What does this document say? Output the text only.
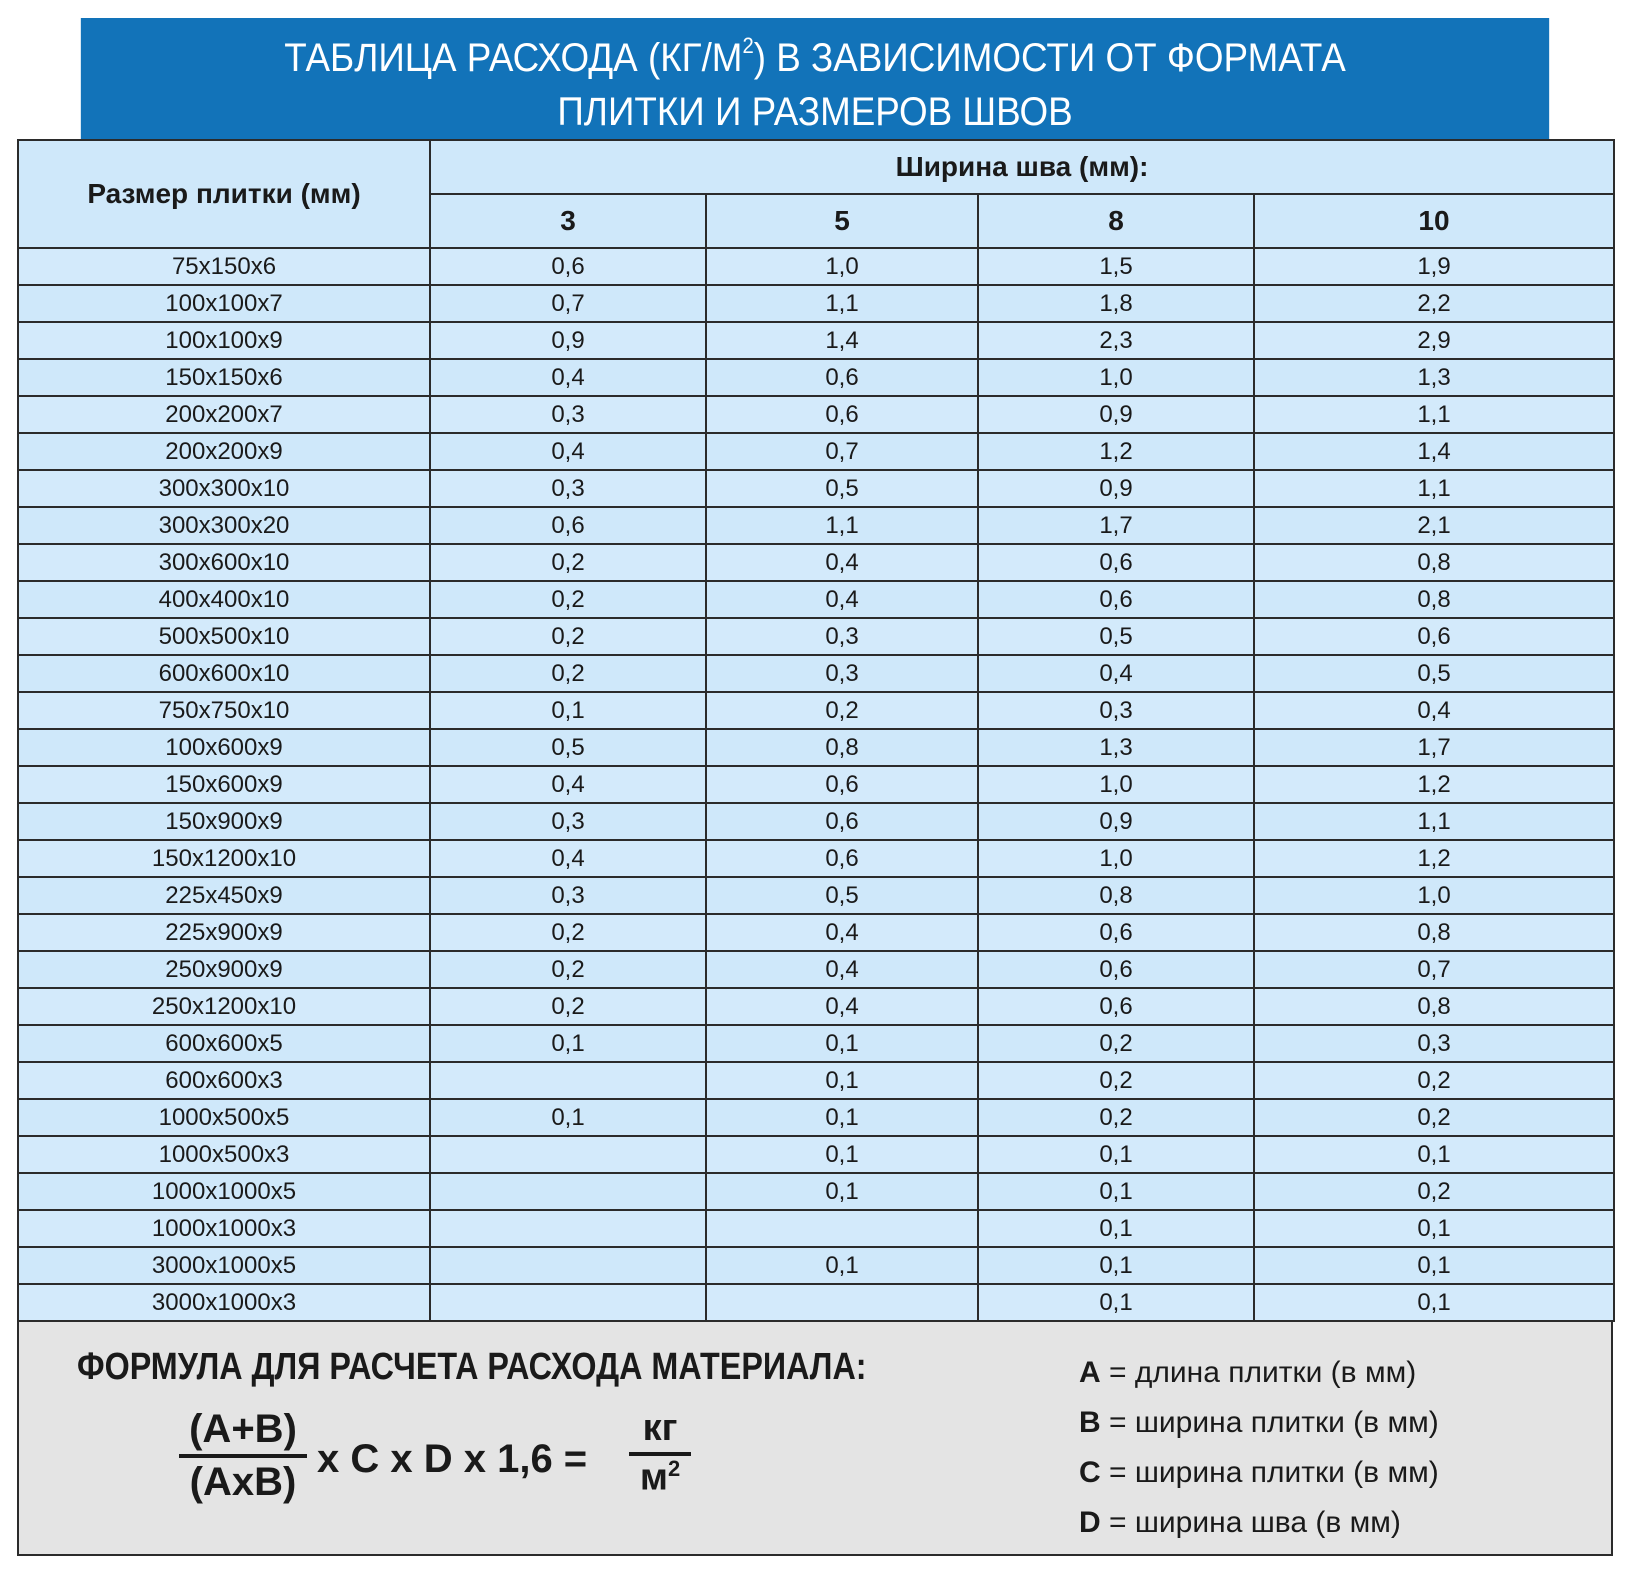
ТАБЛИЦА РАСХОДА $(КГ/М^2)$ В ЗАВИСИМОСТИ ОТ ФОРМАТА
ПЛИТКИ И РАЗМЕРОВ ШВОВ
Размер плитки (мм)	Ширина шва (мм):			
	3	5	8	10
75x150x6	0,6	1,0	1,5	1,9
100x100x7	0,7	1,1	1,8	2,2
100x100x9	0,9	1,4	2,3	2,9
150x150x6	0,4	0,6	1,0	1,3
200x200x7	0,3	0,6	0,9	1,1
200x200x9	0,4	0,7	1,2	1,4
300x300x10	0,3	0,5	0,9	1,1
300x300x20	0,6	1,1	1,7	2,1
300x600x10	0,2	0,4	0,6	0,8
400x400x10	0,2	0,4	0,6	0,8
500x500x10	0,2	0,3	0,5	0,6
600x600x10	0,2	0,3	0,4	0,5
750x750x10	0,1	0,2	0,3	0,4
100x600x9	0,5	0,8	1,3	1,7
150x600x9	0,4	0,6	1,0	1,2
150x900x9	0,3	0,6	0,9	1,1
150x1200x10	0,4	0,6	1,0	1,2
225x450x9	0,3	0,5	0,8	1,0
225x900x9	0,2	0,4	0,6	0,8
250x900x9	0,2	0,4	0,6	0,7
250x1200x10	0,2	0,4	0,6	0,8
600x600x5	0,1	0,1	0,2	0,3
600x600x3		0,1	0,2	0,2
1000x500x5	0,1	0,1	0,2	0,2
1000x500x3		0,1	0,1	0,1
1000x1000x5		0,1	0,1	0,2
1000x1000x3			0,1	0,1
3000x1000x5		0,1	0,1	0,1
3000x1000x3			0,1	0,1
ФОРМУЛА ДЛЯ РАСЧЕТА РАСХОДА МАТЕРИАЛА:
(A+B)
(AxB)
x C x D x 1,6 =
кг
$м^2$
A = длина плитки (в мм)
B = ширина плитки (в мм)
C = ширина плитки (в мм)
D = ширина шва (в мм)
